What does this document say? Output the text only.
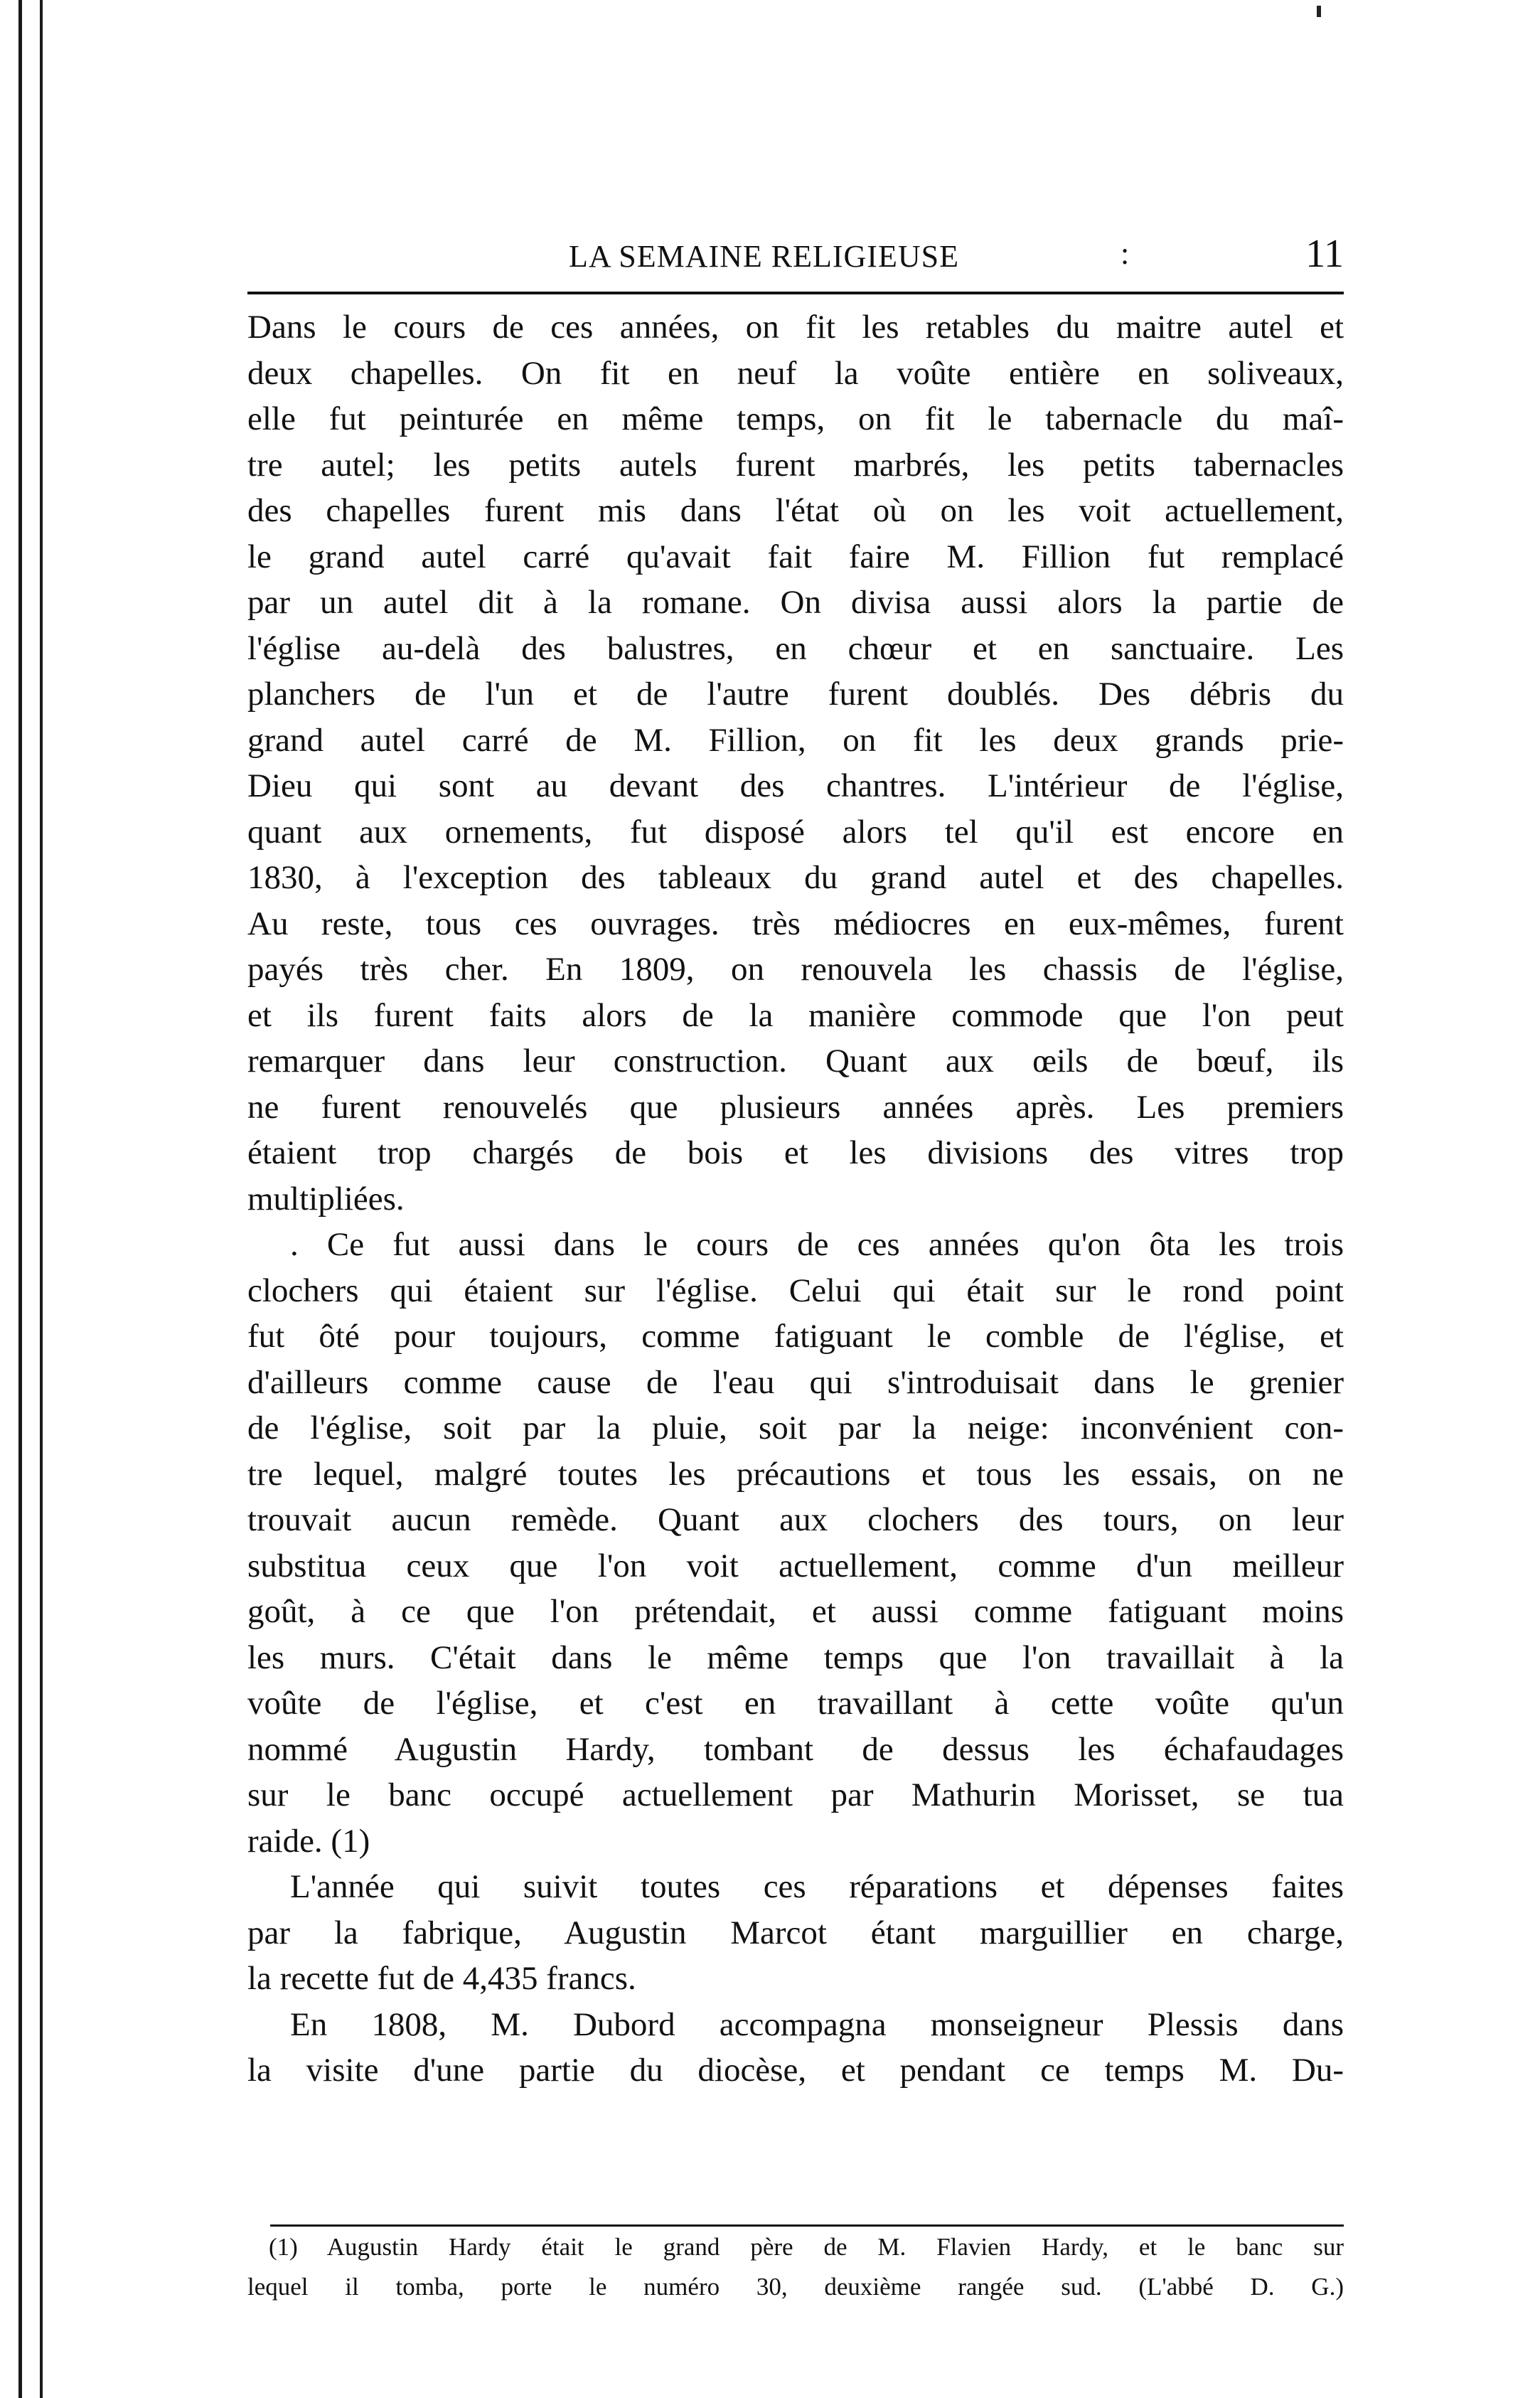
LA SEMAINE RELIGIEUSE	:	11
Dans le cours de ces années, on fit les retables du maitre autel et
deux chapelles. On fit en neuf la voûte entière en soliveaux,
elle fut peinturée en même temps, on fit le tabernacle du maî-
tre autel; les petits autels furent marbrés, les petits tabernacles
des chapelles furent mis dans l'état où on les voit actuellement,
le grand autel carré qu'avait fait faire M. Fillion fut remplacé
par un autel dit à la romane. On divisa aussi alors la partie de
l'église au-delà des balustres, en chœur et en sanctuaire. Les
planchers de l'un et de l'autre furent doublés. Des débris du
grand autel carré de M. Fillion, on fit les deux grands prie-
Dieu qui sont au devant des chantres. L'intérieur de l'église,
quant aux ornements, fut disposé alors tel qu'il est encore en
1830, à l'exception des tableaux du grand autel et des chapelles.
Au reste, tous ces ouvrages. très médiocres en eux-mêmes, furent
payés très cher. En 1809, on renouvela les chassis de l'église,
et ils furent faits alors de la manière commode que l'on peut
remarquer dans leur construction. Quant aux œils de bœuf, ils
ne furent renouvelés que plusieurs années après. Les premiers
étaient trop chargés de bois et les divisions des vitres trop
multipliées.
. Ce fut aussi dans le cours de ces années qu'on ôta les trois
clochers qui étaient sur l'église. Celui qui était sur le rond point
fut ôté pour toujours, comme fatiguant le comble de l'église, et
d'ailleurs comme cause de l'eau qui s'introduisait dans le grenier
de l'église, soit par la pluie, soit par la neige: inconvénient con-
tre lequel, malgré toutes les précautions et tous les essais, on ne
trouvait aucun remède. Quant aux clochers des tours, on leur
substitua ceux que l'on voit actuellement, comme d'un meilleur
goût, à ce que l'on prétendait, et aussi comme fatiguant moins
les murs. C'était dans le même temps que l'on travaillait à la
voûte de l'église, et c'est en travaillant à cette voûte qu'un
nommé Augustin Hardy, tombant de dessus les échafaudages
sur le banc occupé actuellement par Mathurin Morisset, se tua
raide. (1)
L'année qui suivit toutes ces réparations et dépenses faites
par la fabrique, Augustin Marcot étant marguillier en charge,
la recette fut de 4,435 francs.
En 1808, M. Dubord accompagna monseigneur Plessis dans
la visite d'une partie du diocèse, et pendant ce temps M. Du-
(1) Augustin Hardy était le grand père de M. Flavien Hardy, et le banc sur
lequel il tomba, porte le numéro 30, deuxième rangée sud. (L'abbé D. G.)
